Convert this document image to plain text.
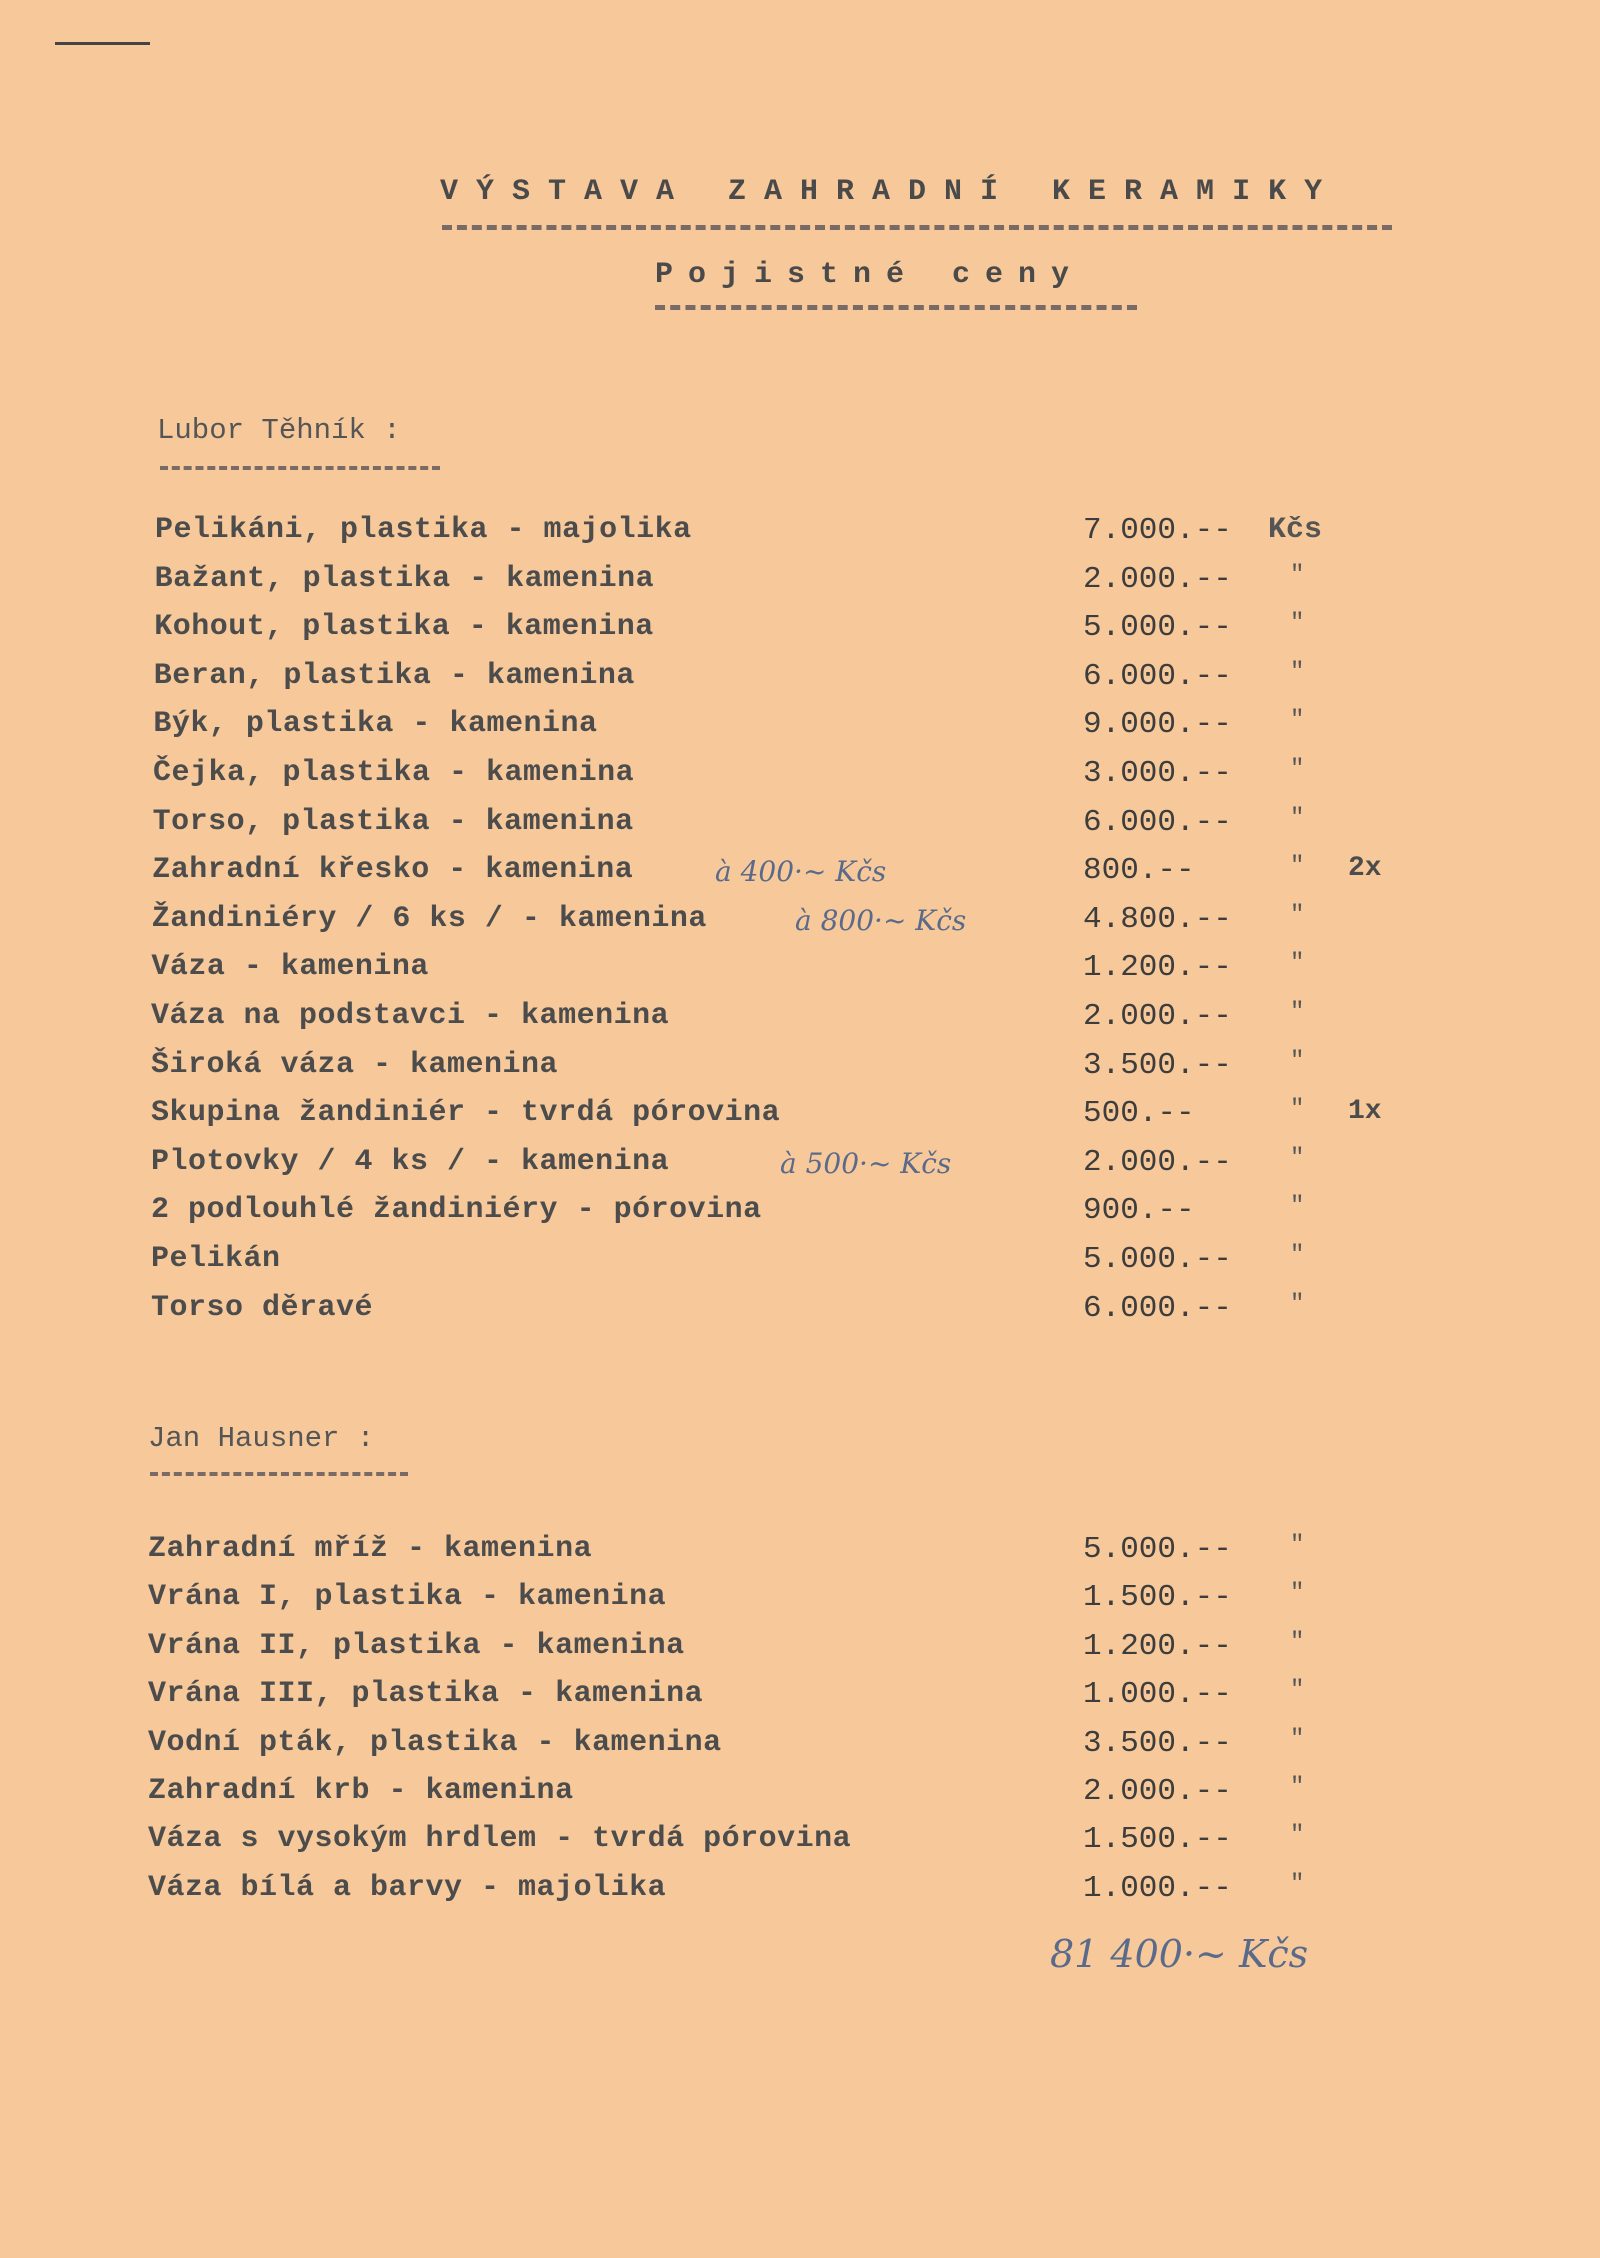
VÝSTAVA ZAHRADNÍ KERAMIKY
Pojistné ceny
Lubor Těhník :
Pelikáni, plastika - majolika	7.000.-- Kčs
Bažant, plastika - kamenina	2.000.-- "
Kohout, plastika - kamenina	5.000.-- "
Beran, plastika - kamenina	6.000.-- "
Býk, plastika - kamenina	9.000.-- "
Čejka, plastika - kamenina	3.000.-- "
Torso, plastika - kamenina	6.000.-- "
Zahradní křesko - kamenina	à 400·~ Kčs	800.--	" 2x
Žandiniéry / 6 ks / - kamenina	à 800·~ Kčs	4.800.-- "
Váza - kamenina	1.200.-- "
Váza na podstavci - kamenina	2.000.-- "
Široká váza - kamenina	3.500.-- "
Skupina žandiniér - tvrdá pórovina	500.--	" 1x
Plotovky / 4 ks / - kamenina	à 500·~ Kčs	2.000.-- "
2 podlouhlé žandiniéry - pórovina	900.--	"
Pelikán	5.000.-- "
Torso děravé	6.000.-- "
Jan Hausner :
Zahradní mříž - kamenina	5.000.-- "
Vrána I, plastika - kamenina	1.500.-- "
Vrána II, plastika - kamenina	1.200.-- "
Vrána III, plastika - kamenina	1.000.-- "
Vodní pták, plastika - kamenina	3.500.-- "
Zahradní krb - kamenina	2.000.-- "
Váza s vysokým hrdlem - tvrdá pórovina	1.500.-- "
Váza bílá a barvy - majolika	1.000.-- "
81 400·~ Kčs
